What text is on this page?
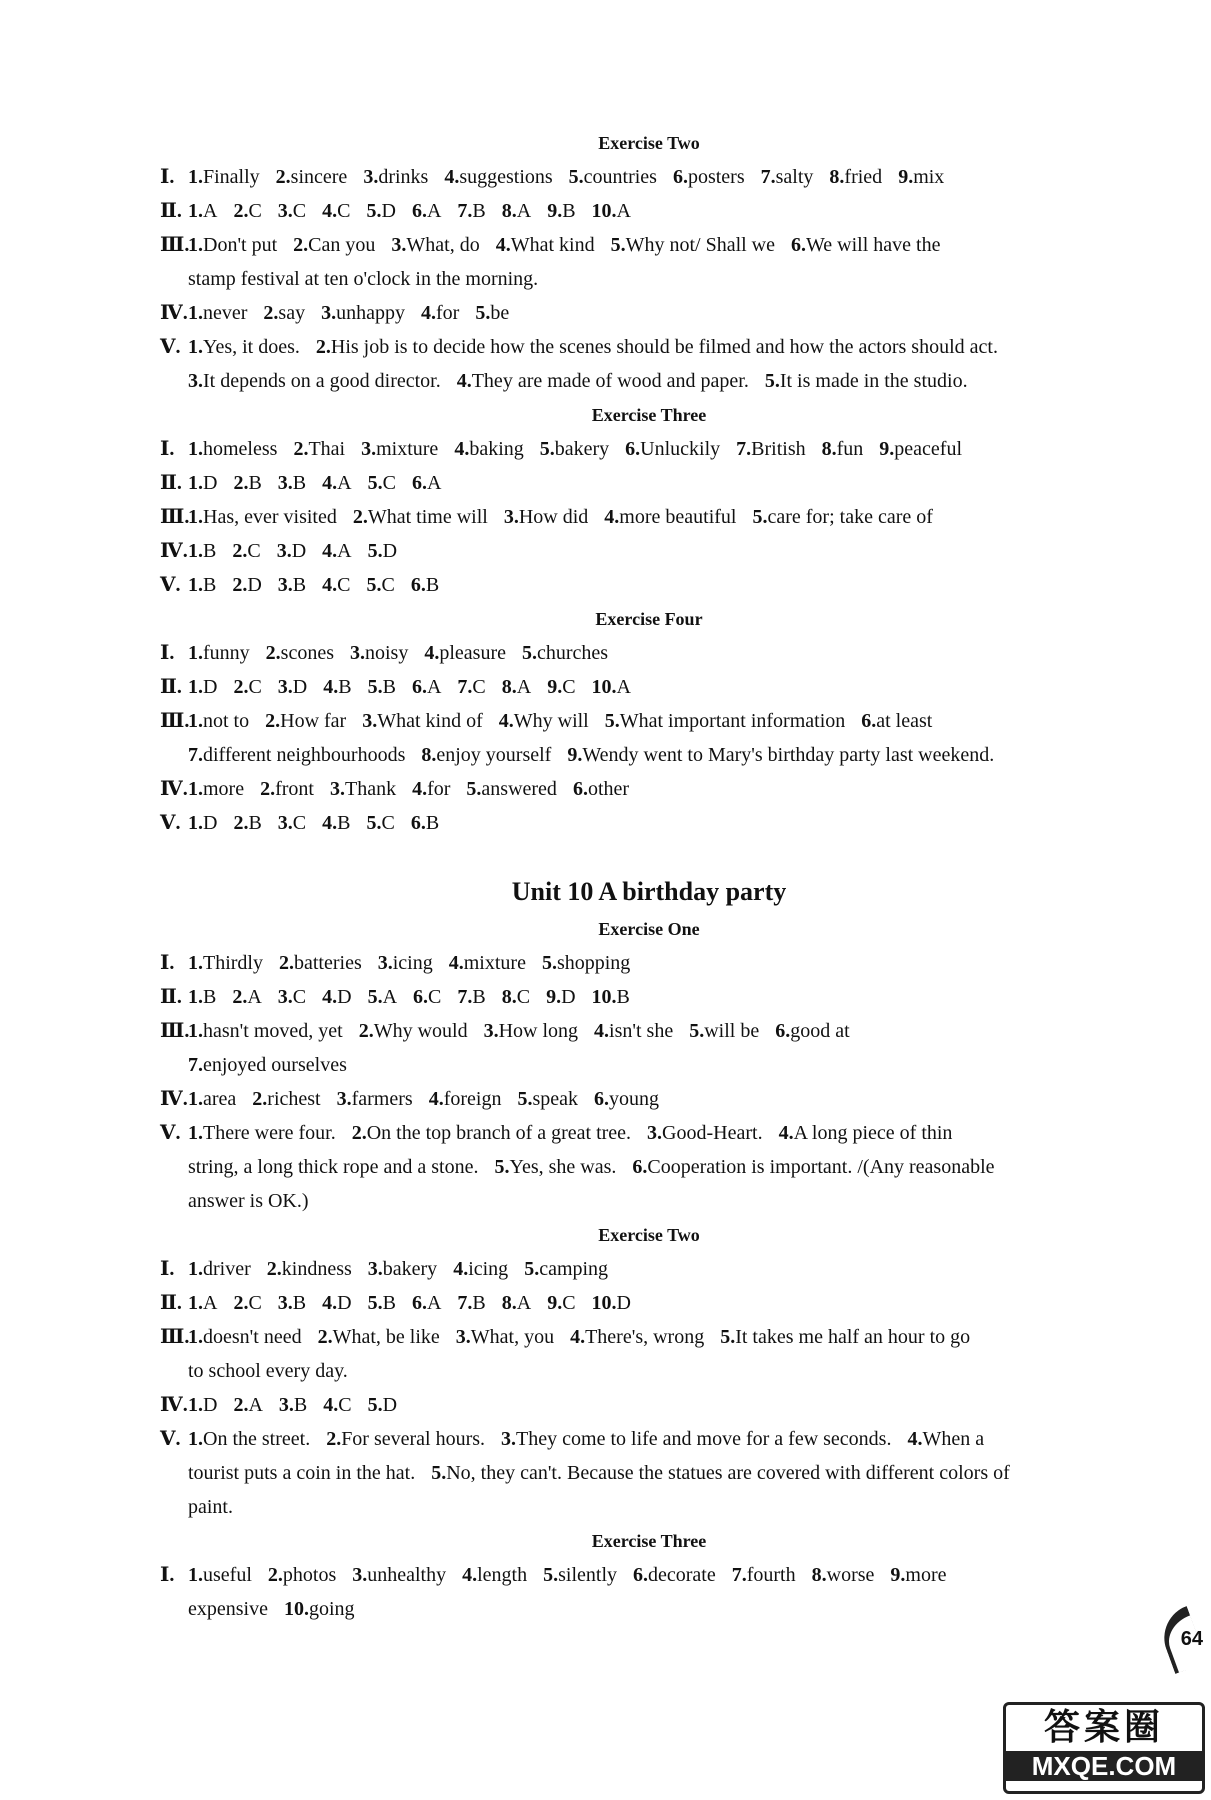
Exercise Two
Ⅰ. 1.Finally 2.sincere 3.drinks 4.suggestions 5.countries 6.posters 7.salty 8.fried 9.mix
Ⅱ. 1.A 2.C 3.C 4.C 5.D 6.A 7.B 8.A 9.B 10.A
Ⅲ.
1.Don't put 2.Can you 3.What, do 4.What kind 5.Why not/ Shall we 6.We will have the
stamp festival at ten o'clock in the morning.
Ⅳ. 1.never 2.say 3.unhappy 4.for 5.be
Ⅴ. 1.Yes, it does. 2.His job is to decide how the scenes should be filmed and how the actors should act.
3.It depends on a good director. 4.They are made of wood and paper. 5.It is made in the studio.
Exercise Three
Ⅰ. 1.homeless 2.Thai 3.mixture 4.baking 5.bakery 6.Unluckily 7.British 8.fun 9.peaceful
Ⅱ. 1.D 2.B 3.B 4.A 5.C 6.A
Ⅲ.
1.Has, ever visited 2.What time will 3.How did 4.more beautiful 5.care for; take care of
Ⅳ. 1.B 2.C 3.D 4.A 5.D
Ⅴ. 1.B 2.D 3.B 4.C 5.C 6.B
Exercise Four
Ⅰ. 1.funny 2.scones 3.noisy 4.pleasure 5.churches
Ⅱ. 1.D 2.C 3.D 4.B 5.B 6.A 7.C 8.A 9.C 10.A
Ⅲ.
1.not to 2.How far 3.What kind of 4.Why will 5.What important information 6.at least
7.different neighbourhoods 8.enjoy yourself 9.Wendy went to Mary's birthday party last weekend.
Ⅳ. 1.more 2.front 3.Thank 4.for 5.answered 6.other
Ⅴ. 1.D 2.B 3.C 4.B 5.C 6.B
Unit 10 A birthday party
Exercise One
Ⅰ. 1.Thirdly 2.batteries 3.icing 4.mixture 5.shopping
Ⅱ. 1.B 2.A 3.C 4.D 5.A 6.C 7.B 8.C 9.D 10.B
Ⅲ.
1.hasn't moved, yet 2.Why would 3.How long 4.isn't she 5.will be 6.good at
7.enjoyed ourselves
Ⅳ. 1.area 2.richest 3.farmers 4.foreign 5.speak 6.young
Ⅴ. 1.There were four. 2.On the top branch of a great tree. 3.Good-Heart. 4.A long piece of thin
string, a long thick rope and a stone. 5.Yes, she was. 6.Cooperation is important. /(Any reasonable
answer is OK.)
Exercise Two
Ⅰ. 1.driver 2.kindness 3.bakery 4.icing 5.camping
Ⅱ. 1.A 2.C 3.B 4.D 5.B 6.A 7.B 8.A 9.C 10.D
Ⅲ.
1.doesn't need 2.What, be like 3.What, you 4.There's, wrong 5.It takes me half an hour to go
to school every day.
Ⅳ. 1.D 2.A 3.B 4.C 5.D
Ⅴ. 1.On the street. 2.For several hours. 3.They come to life and move for a few seconds. 4.When a
tourist puts a coin in the hat. 5.No, they can't. Because the statues are covered with different colors of
paint.
Exercise Three
Ⅰ. 1.useful 2.photos 3.unhealthy 4.length 5.silently 6.decorate 7.fourth 8.worse 9.more
expensive 10.going
64
答案圈
MXQE.COM
